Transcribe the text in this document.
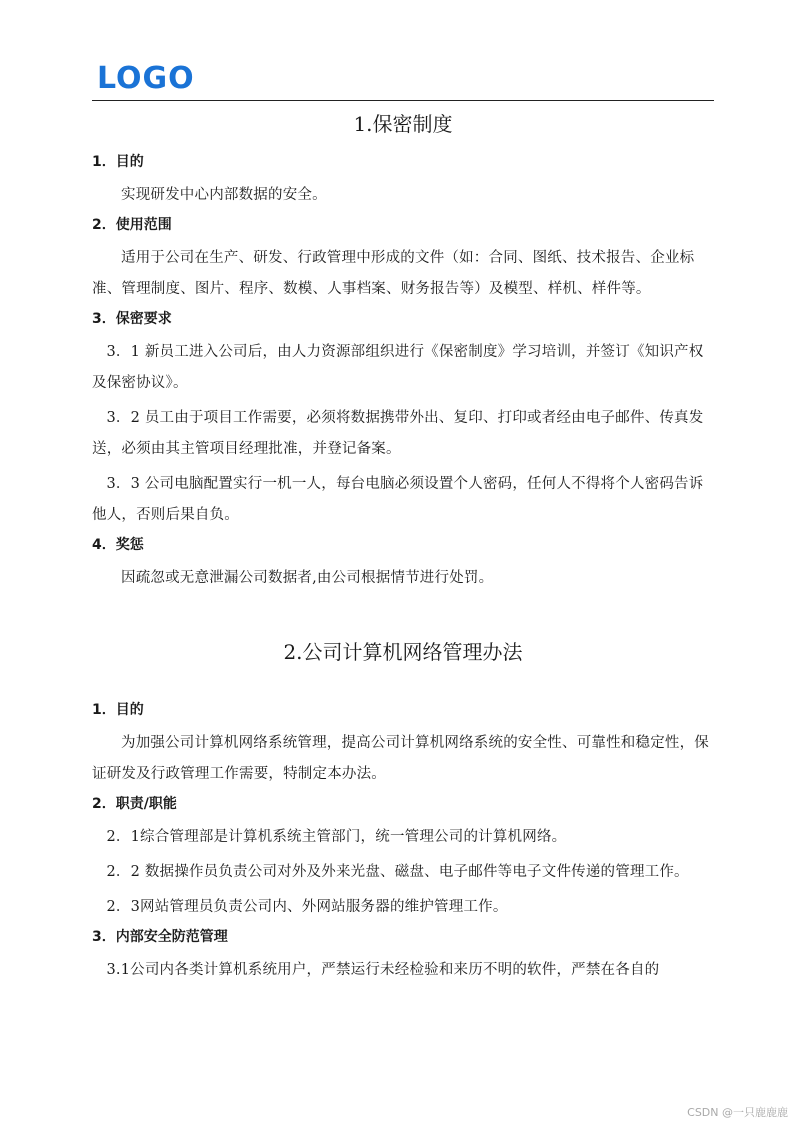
LOGO
1.保密制度
1．目的
实现研发中心内部数据的安全。
2．使用范围
适用于公司在生产、研发、行政管理中形成的文件（如：合同、图纸、技术报告、企业标准、管理制度、图片、程序、数模、人事档案、财务报告等）及模型、样机、样件等。
3．保密要求
3．1 新员工进入公司后，由人力资源部组织进行《保密制度》学习培训，并签订《知识产权及保密协议》。
3．2 员工由于项目工作需要，必须将数据携带外出、复印、打印或者经由电子邮件、传真发送，必须由其主管项目经理批准，并登记备案。
3．3 公司电脑配置实行一机一人，每台电脑必须设置个人密码，任何人不得将个人密码告诉他人，否则后果自负。
4．奖惩
因疏忽或无意泄漏公司数据者,由公司根据情节进行处罚。
2.公司计算机网络管理办法
1．目的
为加强公司计算机网络系统管理，提高公司计算机网络系统的安全性、可靠性和稳定性，保证研发及行政管理工作需要，特制定本办法。
2．职责/职能
2．1综合管理部是计算机系统主管部门，统一管理公司的计算机网络。
2．2 数据操作员负责公司对外及外来光盘、磁盘、电子邮件等电子文件传递的管理工作。
2．3网站管理员负责公司内、外网站服务器的维护管理工作。
3．内部安全防范管理
3.1公司内各类计算机系统用户，严禁运行未经检验和来历不明的软件，严禁在各自的
CSDN @一只鹿鹿鹿
